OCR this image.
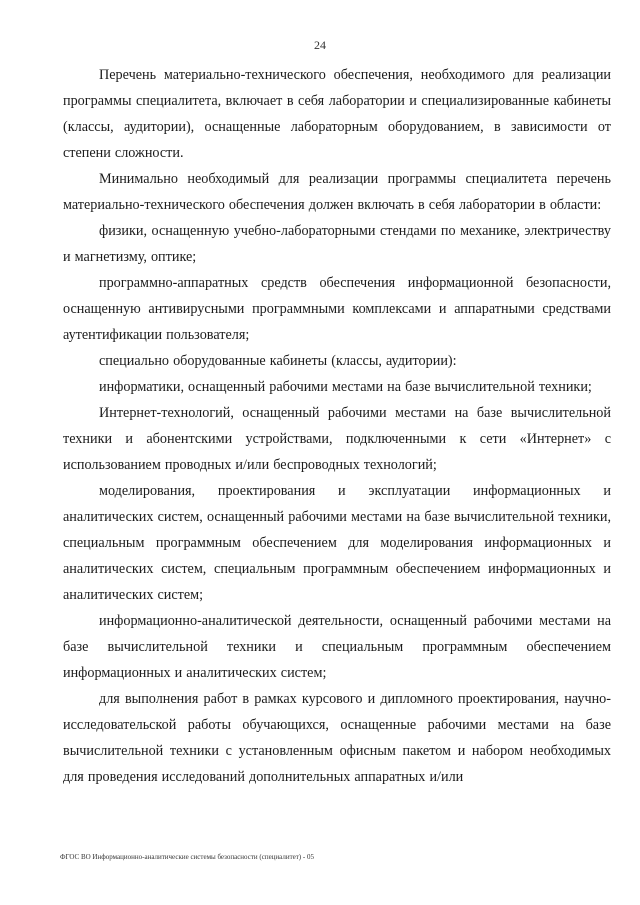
24

Перечень материально-технического обеспечения, необходимого для реализации программы специалитета, включает в себя лаборатории и специализированные кабинеты (классы, аудитории), оснащенные лабораторным оборудованием, в зависимости от степени сложности.

Минимально необходимый для реализации программы специалитета перечень материально-технического обеспечения должен включать в себя лаборатории в области:

физики, оснащенную учебно-лабораторными стендами по механике, электричеству и магнетизму, оптике;

программно-аппаратных средств обеспечения информационной безопасности, оснащенную антивирусными программными комплексами и аппаратными средствами аутентификации пользователя;

специально оборудованные кабинеты (классы, аудитории):

информатики, оснащенный рабочими местами на базе вычислительной техники;

Интернет-технологий, оснащенный рабочими местами на базе вычислительной техники и абонентскими устройствами, подключенными к сети «Интернет» с использованием проводных и/или беспроводных технологий;

моделирования, проектирования и эксплуатации информационных и аналитических систем, оснащенный рабочими местами на базе вычислительной техники, специальным программным обеспечением для моделирования информационных и аналитических систем, специальным программным обеспечением информационных и аналитических систем;

информационно-аналитической деятельности, оснащенный рабочими местами на базе вычислительной техники и специальным программным обеспечением информационных и аналитических систем;

для выполнения работ в рамках курсового и дипломного проектирования, научно-исследовательской работы обучающихся, оснащенные рабочими местами на базе вычислительной техники с установленным офисным пакетом и набором необходимых для проведения исследований дополнительных аппаратных и/или

ФГОС ВО Информационно-аналитические системы безопасности (специалитет) - 05
